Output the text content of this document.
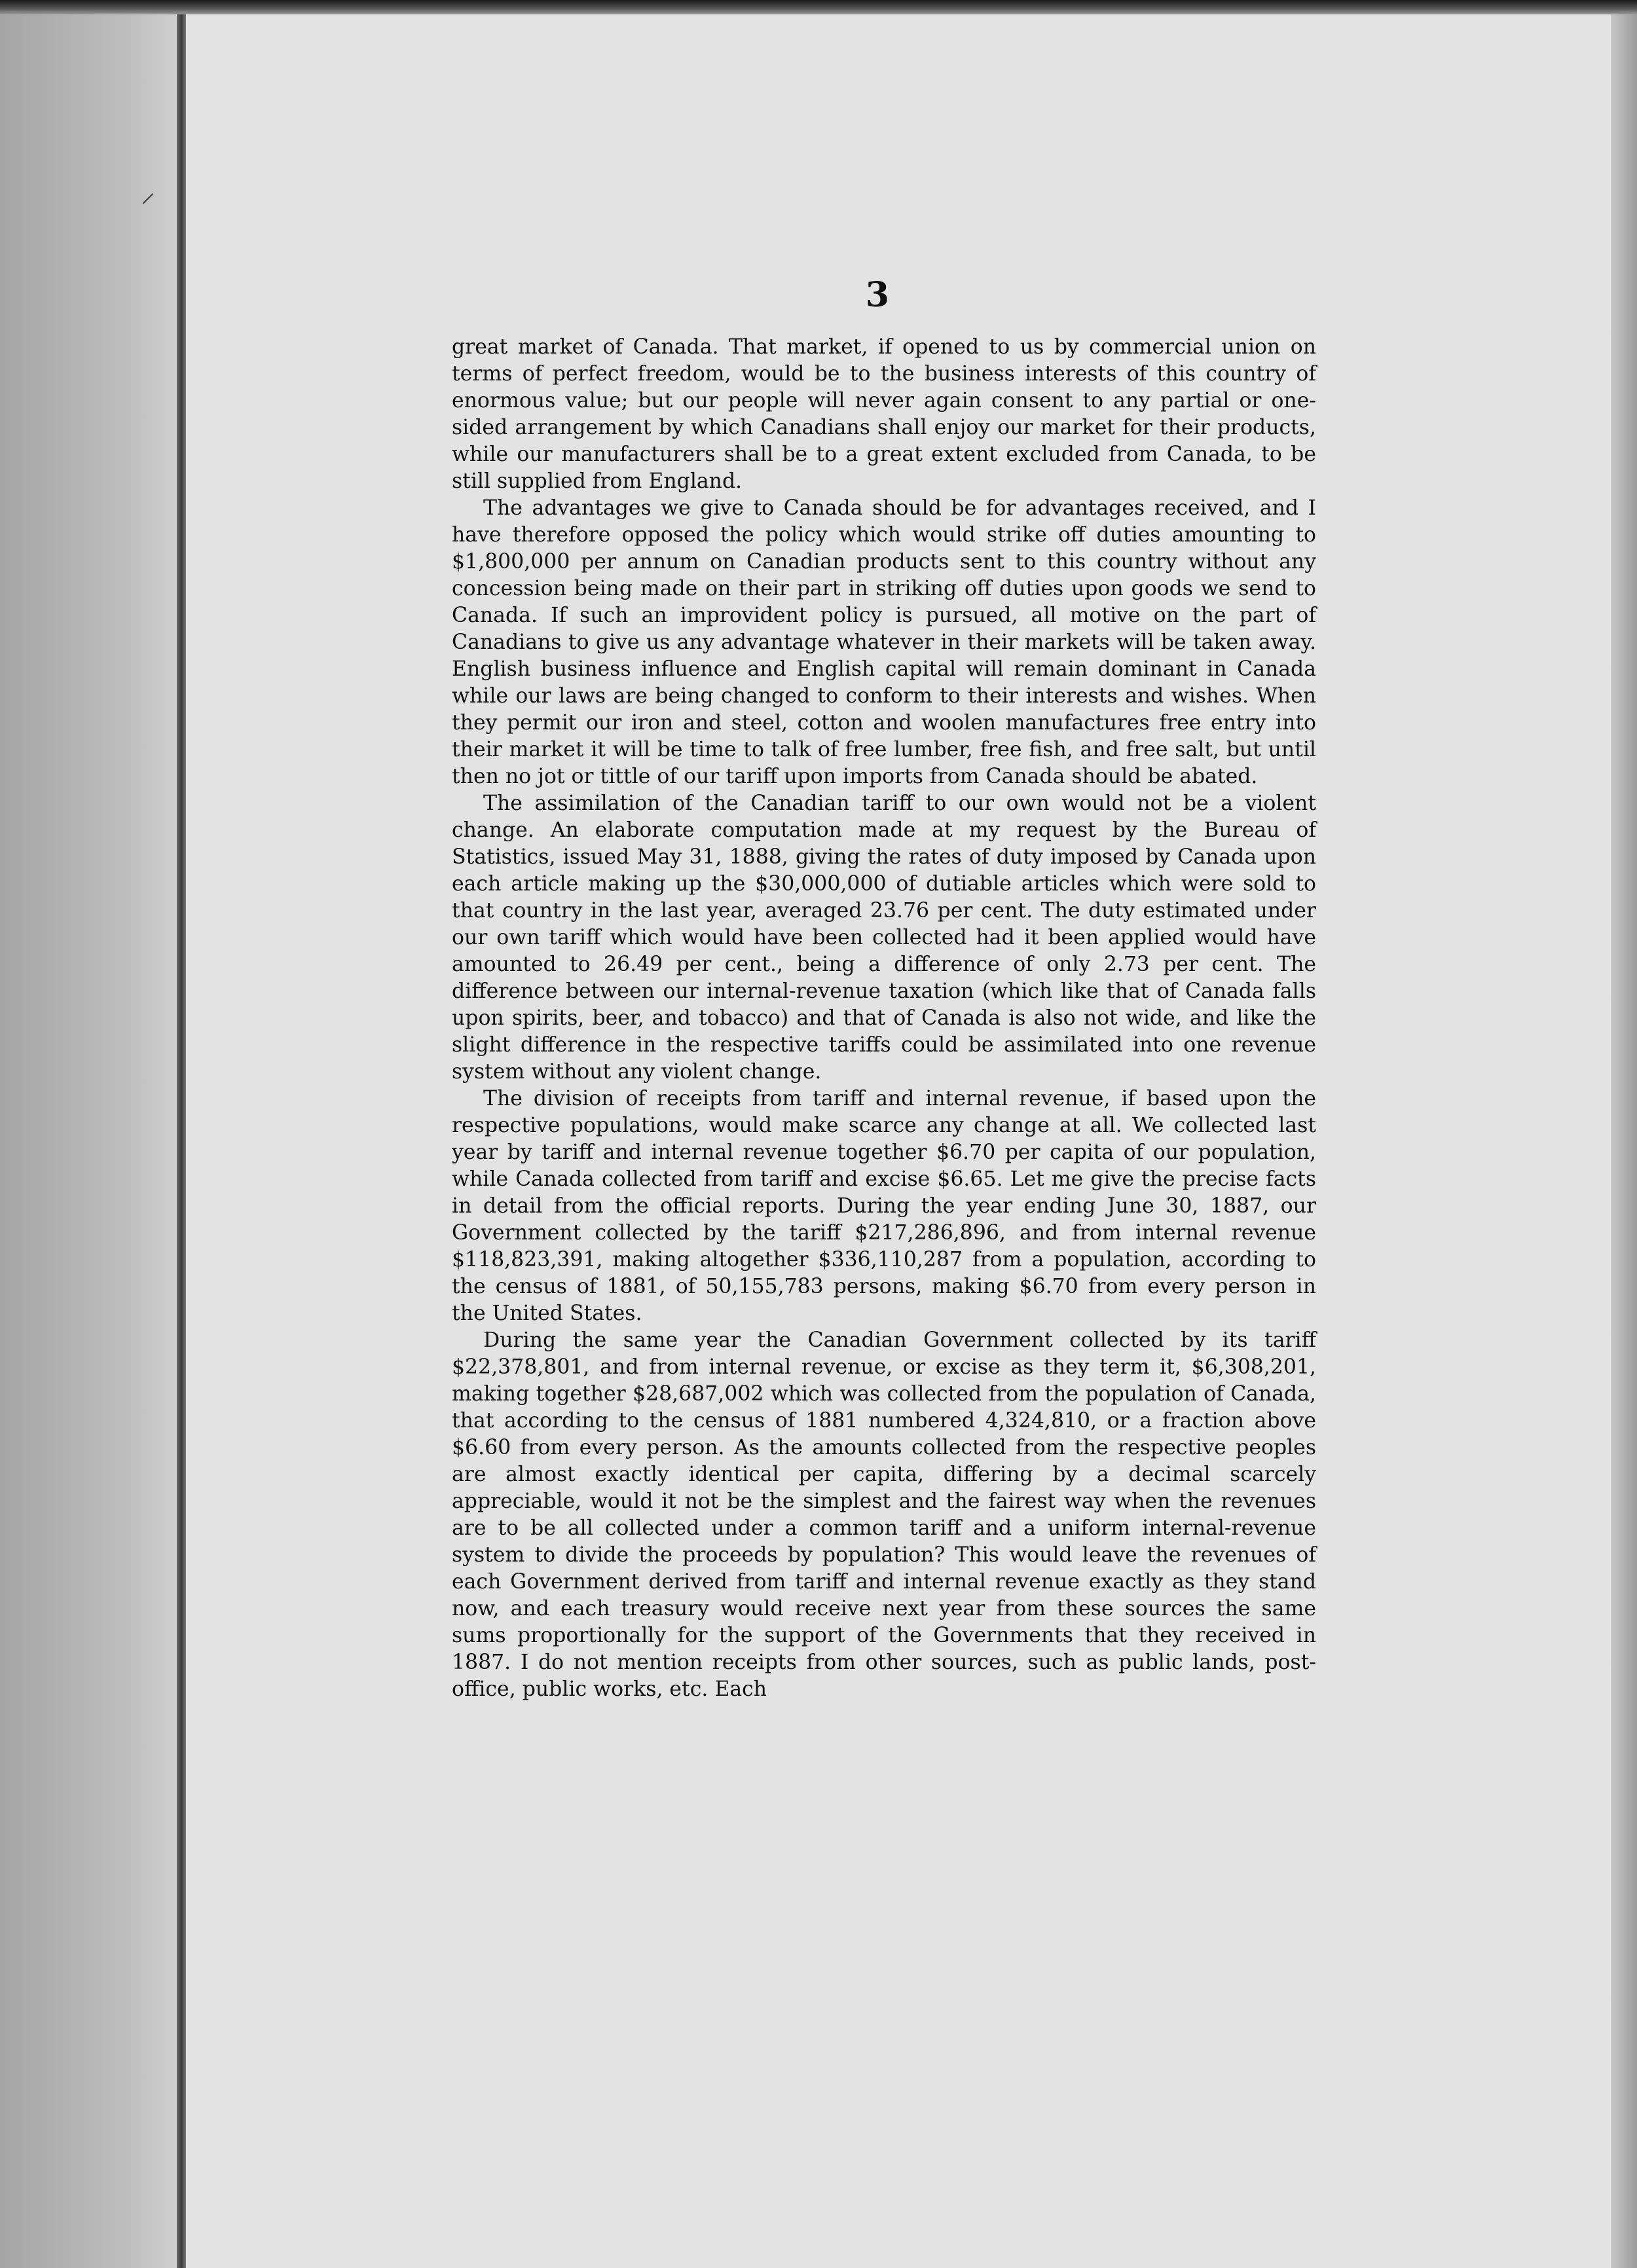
⸝
3

great market of Canada. That market, if opened to us by commercial union on terms of perfect freedom, would be to the business interests of this country of enormous value; but our people will never again consent to any partial or one-sided arrangement by which Canadians shall enjoy our market for their products, while our manufacturers shall be to a great extent excluded from Canada, to be still supplied from England.

The advantages we give to Canada should be for advantages received, and I have therefore opposed the policy which would strike off duties amounting to $1,800,000 per annum on Canadian products sent to this country without any concession being made on their part in striking off duties upon goods we send to Canada. If such an improvident policy is pursued, all motive on the part of Canadians to give us any advantage whatever in their markets will be taken away. English business influence and English capital will remain dominant in Canada while our laws are being changed to conform to their interests and wishes. When they permit our iron and steel, cotton and woolen manufactures free entry into their market it will be time to talk of free lumber, free fish, and free salt, but until then no jot or tittle of our tariff upon imports from Canada should be abated.

The assimilation of the Canadian tariff to our own would not be a violent change. An elaborate computation made at my request by the Bureau of Statistics, issued May 31, 1888, giving the rates of duty imposed by Canada upon each article making up the $30,000,000 of dutiable articles which were sold to that country in the last year, averaged 23.76 per cent. The duty estimated under our own tariff which would have been collected had it been applied would have amounted to 26.49 per cent., being a difference of only 2.73 per cent. The difference between our internal-revenue taxation (which like that of Canada falls upon spirits, beer, and tobacco) and that of Canada is also not wide, and like the slight difference in the respective tariffs could be assimilated into one revenue system without any violent change.

The division of receipts from tariff and internal revenue, if based upon the respective populations, would make scarce any change at all. We collected last year by tariff and internal revenue together $6.70 per capita of our population, while Canada collected from tariff and excise $6.65. Let me give the precise facts in detail from the official reports. During the year ending June 30, 1887, our Government collected by the tariff $217,286,896, and from internal revenue $118,823,391, making altogether $336,110,287 from a population, according to the census of 1881, of 50,155,783 persons, making $6.70 from every person in the United States.

During the same year the Canadian Government collected by its tariff $22,378,801, and from internal revenue, or excise as they term it, $6,308,201, making together $28,687,002 which was collected from the population of Canada, that according to the census of 1881 numbered 4,324,810, or a fraction above $6.60 from every person. As the amounts collected from the respective peoples are almost exactly identical per capita, differing by a decimal scarcely appreciable, would it not be the simplest and the fairest way when the revenues are to be all collected under a common tariff and a uniform internal-revenue system to divide the proceeds by population? This would leave the revenues of each Government derived from tariff and internal revenue exactly as they stand now, and each treasury would receive next year from these sources the same sums proportionally for the support of the Governments that they received in 1887. I do not mention receipts from other sources, such as public lands, post-office, public works, etc. Each
